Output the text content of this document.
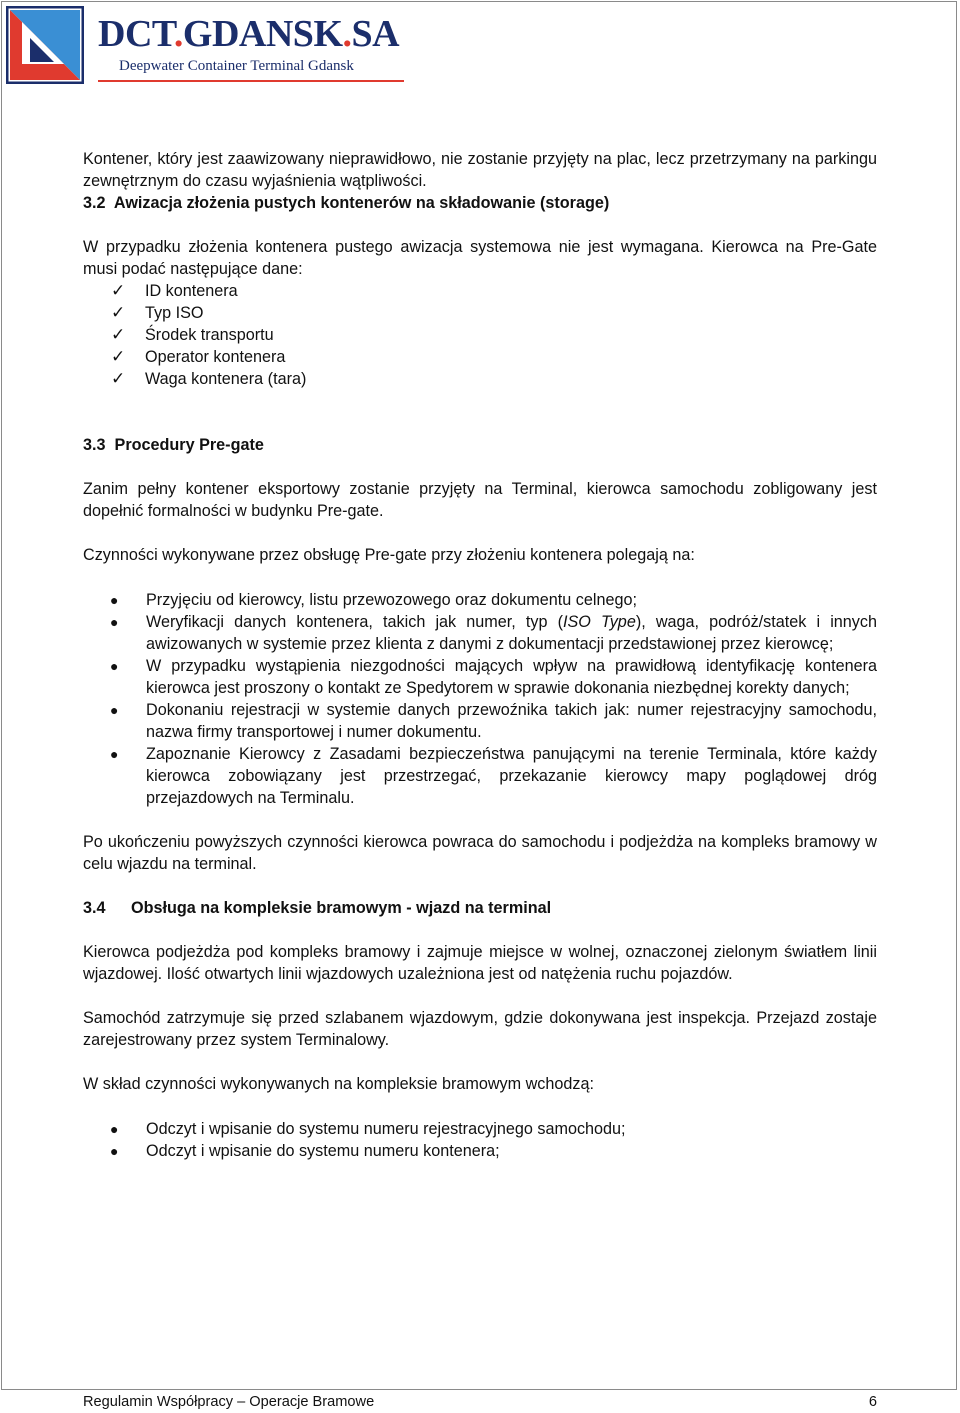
DCT.GDANSK.SA
Deepwater Container Terminal Gdansk

Kontener, który jest zaawizowany nieprawidłowo, nie zostanie przyjęty na plac, lecz przetrzymany na parkingu zewnętrznym do czasu wyjaśnienia wątpliwości.

3.2 Awizacja złożenia pustych kontenerów na składowanie (storage)

W przypadku złożenia kontenera pustego awizacja systemowa nie jest wymagana. Kierowca na Pre-Gate musi podać następujące dane:

✓ ID kontenera
✓ Typ ISO
✓ Środek transportu
✓ Operator kontenera
✓ Waga kontenera (tara)
3.3 Procedury Pre-gate

Zanim pełny kontener eksportowy zostanie przyjęty na Terminal, kierowca samochodu zobligowany jest dopełnić formalności w budynku Pre-gate.

Czynności wykonywane przez obsługę Pre-gate przy złożeniu kontenera polegają na:

● Przyjęciu od kierowcy, listu przewozowego oraz dokumentu celnego;
● Weryfikacji danych kontenera, takich jak numer, typ (ISO Type), waga, podróż/statek i innych awizowanych w systemie przez klienta z danymi z dokumentacji przedstawionej przez kierowcę;
● W przypadku wystąpienia niezgodności mających wpływ na prawidłową identyfikację kontenera kierowca jest proszony o kontakt ze Spedytorem w sprawie dokonania niezbędnej korekty danych;
● Dokonaniu rejestracji w systemie danych przewoźnika takich jak: numer rejestracyjny samochodu, nazwa firmy transportowej i numer dokumentu.
● Zapoznanie Kierowcy z Zasadami bezpieczeństwa panującymi na terenie Terminala, które każdy kierowca zobowiązany jest przestrzegać, przekazanie kierowcy mapy poglądowej dróg przejazdowych na Terminalu.

Po ukończeniu powyższych czynności kierowca powraca do samochodu i podjeżdża na kompleks bramowy w celu wjazdu na terminal.

3.4 Obsługa na kompleksie bramowym - wjazd na terminal

Kierowca podjeżdża pod kompleks bramowy i zajmuje miejsce w wolnej, oznaczonej zielonym światłem linii wjazdowej. Ilość otwartych linii wjazdowych uzależniona jest od natężenia ruchu pojazdów.

Samochód zatrzymuje się przed szlabanem wjazdowym, gdzie dokonywana jest inspekcja. Przejazd zostaje zarejestrowany przez system Terminalowy.

W skład czynności wykonywanych na kompleksie bramowym wchodzą:

● Odczyt i wpisanie do systemu numeru rejestracyjnego samochodu;
● Odczyt i wpisanie do systemu numeru kontenera;
Regulamin Współpracy – Operacje Bramowe	6
